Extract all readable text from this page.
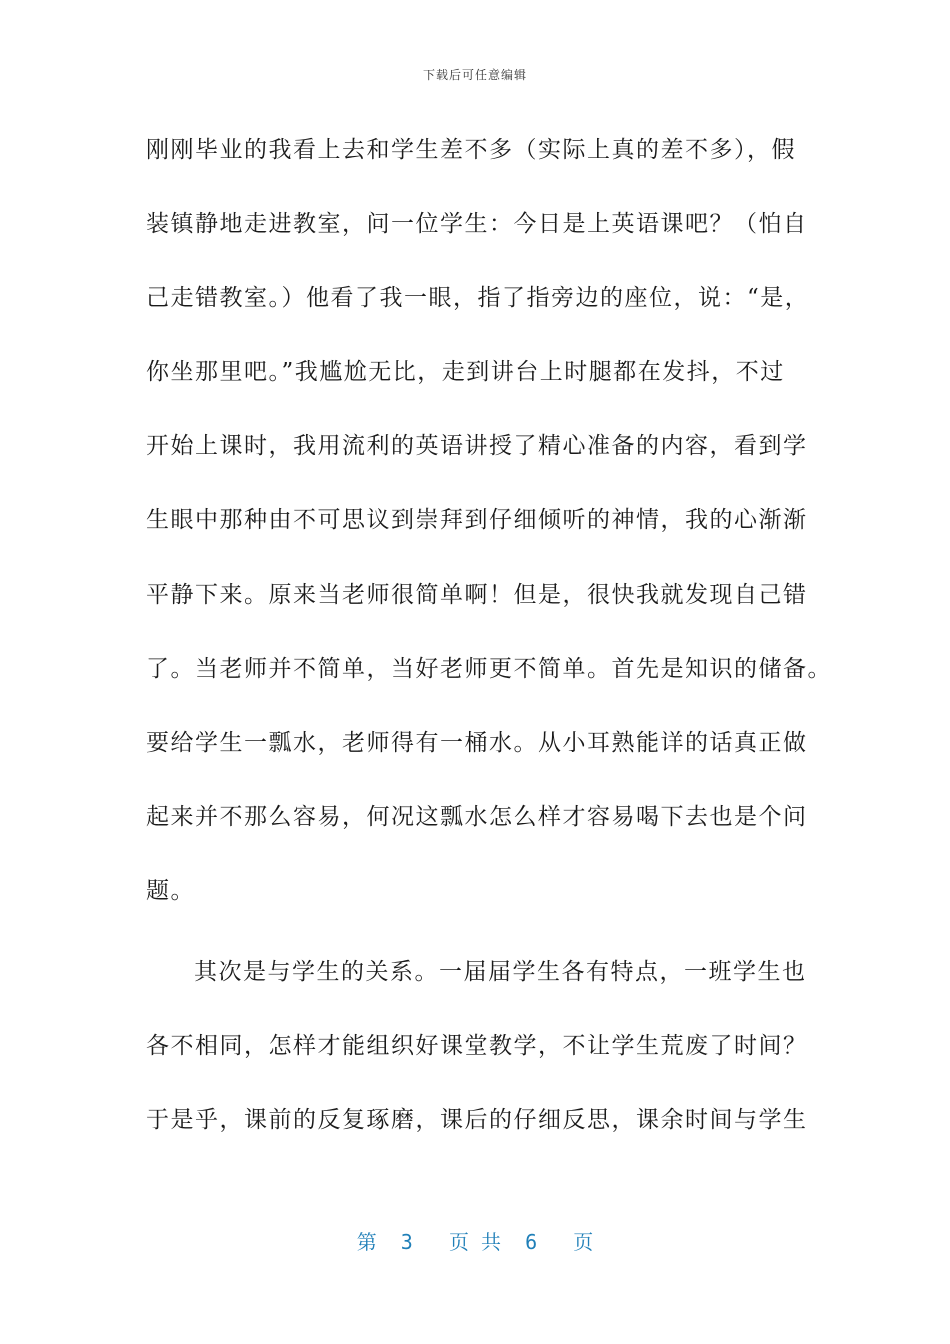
下载后可任意编辑
刚刚毕业的我看上去和学生差不多（实际上真的差不多），假
装镇静地走进教室，问一位学生：今日是上英语课吧？（怕自
己走错教室。）他看了我一眼，指了指旁边的座位，说：“是，
你坐那里吧。”我尴尬无比，走到讲台上时腿都在发抖，不过
开始上课时，我用流利的英语讲授了精心准备的内容，看到学
生眼中那种由不可思议到崇拜到仔细倾听的神情，我的心渐渐
平静下来。原来当老师很简单啊！但是，很快我就发现自己错
了。当老师并不简单，当好老师更不简单。首先是知识的储备。
要给学生一瓢水，老师得有一桶水。从小耳熟能详的话真正做
起来并不那么容易，何况这瓢水怎么样才容易喝下去也是个问
题。
其次是与学生的关系。一届届学生各有特点，一班学生也
各不相同，怎样才能组织好课堂教学，不让学生荒废了时间？
于是乎，课前的反复琢磨，课后的仔细反思，课余时间与学生
第  3   页 共  6   页
